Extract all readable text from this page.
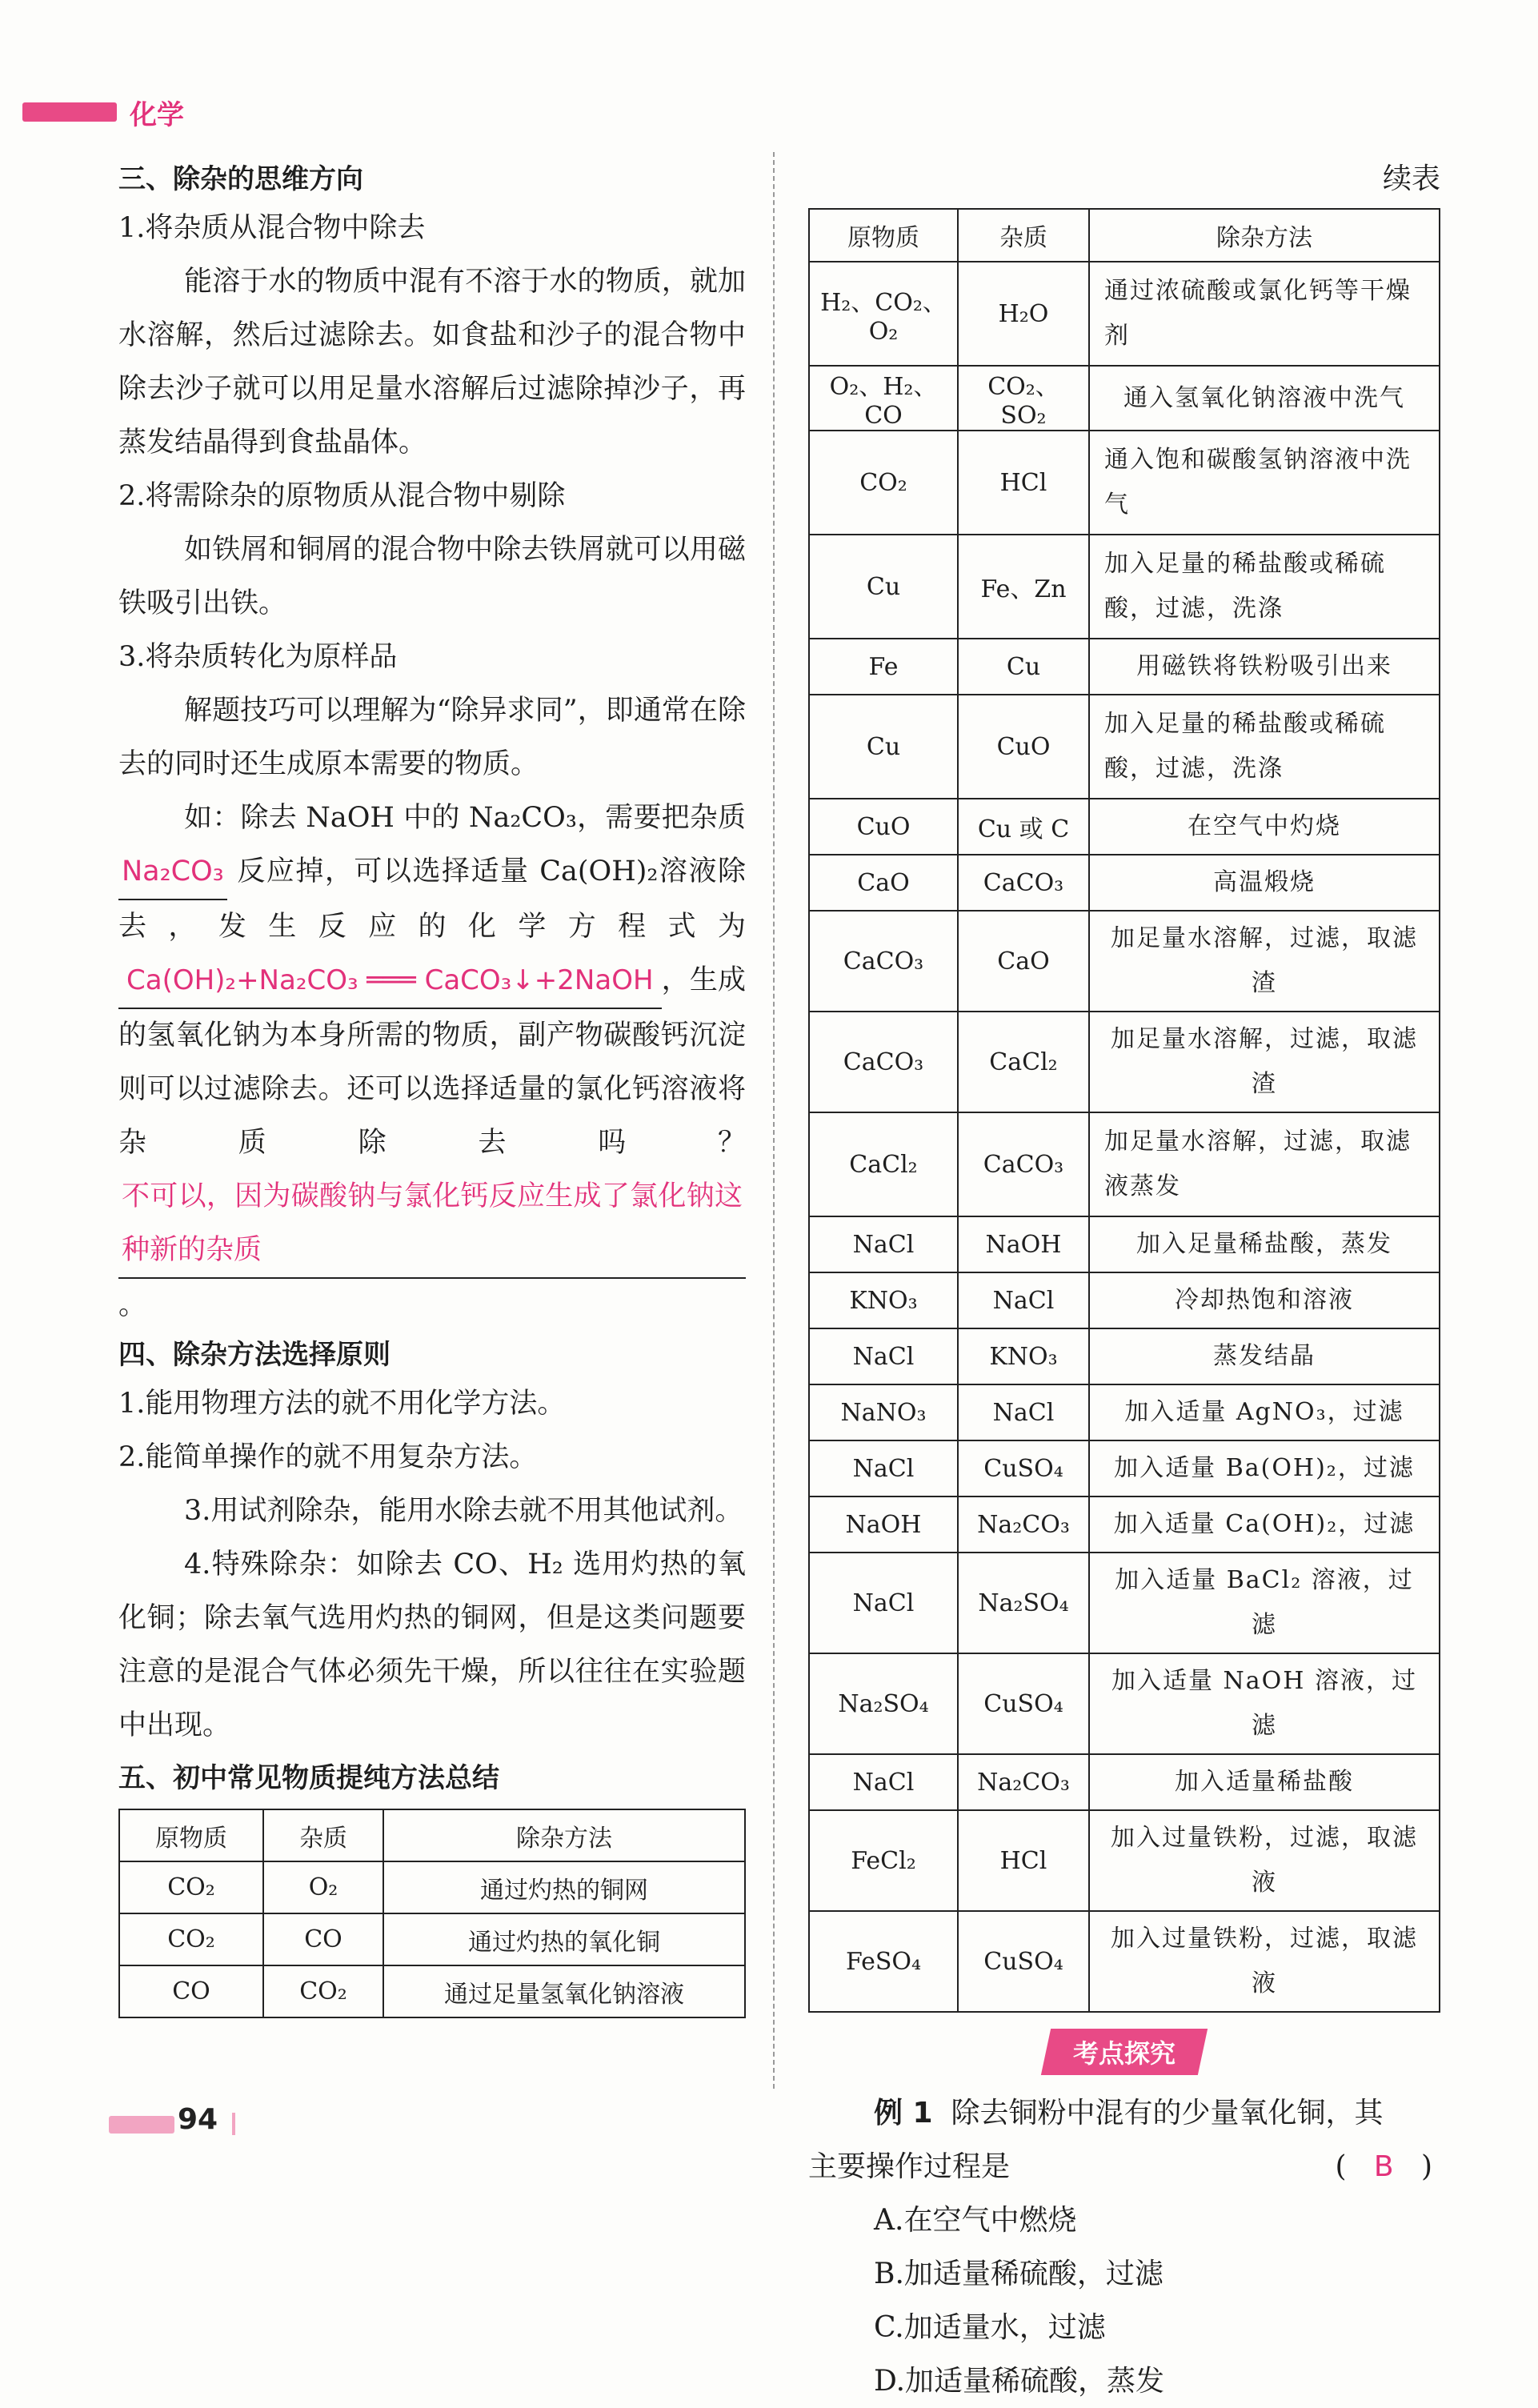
化学
三、除杂的思维方向
1.将杂质从混合物中除去
能溶于水的物质中混有不溶于水的物质，就加水溶解，然后过滤除去。如食盐和沙子的混合物中除去沙子就可以用足量水溶解后过滤除掉沙子，再蒸发结晶得到食盐晶体。
2.将需除杂的原物质从混合物中剔除
如铁屑和铜屑的混合物中除去铁屑就可以用磁铁吸引出铁。
3.将杂质转化为原样品
解题技巧可以理解为“除异求同”，即通常在除去的同时还生成原本需要的物质。
如：除去 NaOH 中的 Na₂CO₃，需要把杂质 Na₂CO₃ 反应掉，可以选择适量 Ca(OH)₂溶液除去，发生反应的化学方程式为 Ca(OH)₂+Na₂CO₃ ═══ CaCO₃↓+2NaOH ，生成的氢氧化钠为本身所需的物质，副产物碳酸钙沉淀则可以过滤除去。还可以选择适量的氯化钙溶液将杂质除去吗？不可以，因为碳酸钠与氯化钙反应生成了氯化钠这种新的杂质。
四、除杂方法选择原则
1.能用物理方法的就不用化学方法。
2.能简单操作的就不用复杂方法。
3.用试剂除杂，能用水除去就不用其他试剂。
4.特殊除杂：如除去 CO、H₂ 选用灼热的氧化铜；除去氧气选用灼热的铜网，但是这类问题要注意的是混合气体必须先干燥，所以往往在实验题中出现。
五、初中常见物质提纯方法总结
原物质	杂质	除杂方法
CO₂	O₂	通过灼热的铜网
CO₂	CO	通过灼热的氧化铜
CO	CO₂	通过足量氢氧化钠溶液
续表
原物质	杂质	除杂方法
H₂、CO₂、O₂	H₂O	通过浓硫酸或氯化钙等干燥剂
O₂、H₂、CO	CO₂、SO₂	通入氢氧化钠溶液中洗气
CO₂	HCl	通入饱和碳酸氢钠溶液中洗气
Cu	Fe、Zn	加入足量的稀盐酸或稀硫酸，过滤，洗涤
Fe	Cu	用磁铁将铁粉吸引出来
Cu	CuO	加入足量的稀盐酸或稀硫酸，过滤，洗涤
CuO	Cu 或 C	在空气中灼烧
CaO	CaCO₃	高温煅烧
CaCO₃	CaO	加足量水溶解，过滤，取滤渣
CaCO₃	CaCl₂	加足量水溶解，过滤，取滤渣
CaCl₂	CaCO₃	加足量水溶解，过滤，取滤液蒸发
NaCl	NaOH	加入足量稀盐酸，蒸发
KNO₃	NaCl	冷却热饱和溶液
NaCl	KNO₃	蒸发结晶
NaNO₃	NaCl	加入适量 AgNO₃，过滤
NaCl	CuSO₄	加入适量 Ba(OH)₂，过滤
NaOH	Na₂CO₃	加入适量 Ca(OH)₂，过滤
NaCl	Na₂SO₄	加入适量 BaCl₂ 溶液，过滤
Na₂SO₄	CuSO₄	加入适量 NaOH 溶液，过滤
NaCl	Na₂CO₃	加入适量稀盐酸
FeCl₂	HCl	加入过量铁粉，过滤，取滤液
FeSO₄	CuSO₄	加入过量铁粉，过滤，取滤液
考点探究
例 1 除去铜粉中混有的少量氧化铜，其
主要操作过程是	( B )
A.在空气中燃烧
B.加适量稀硫酸，过滤
C.加适量水，过滤
D.加适量稀硫酸，蒸发
94
